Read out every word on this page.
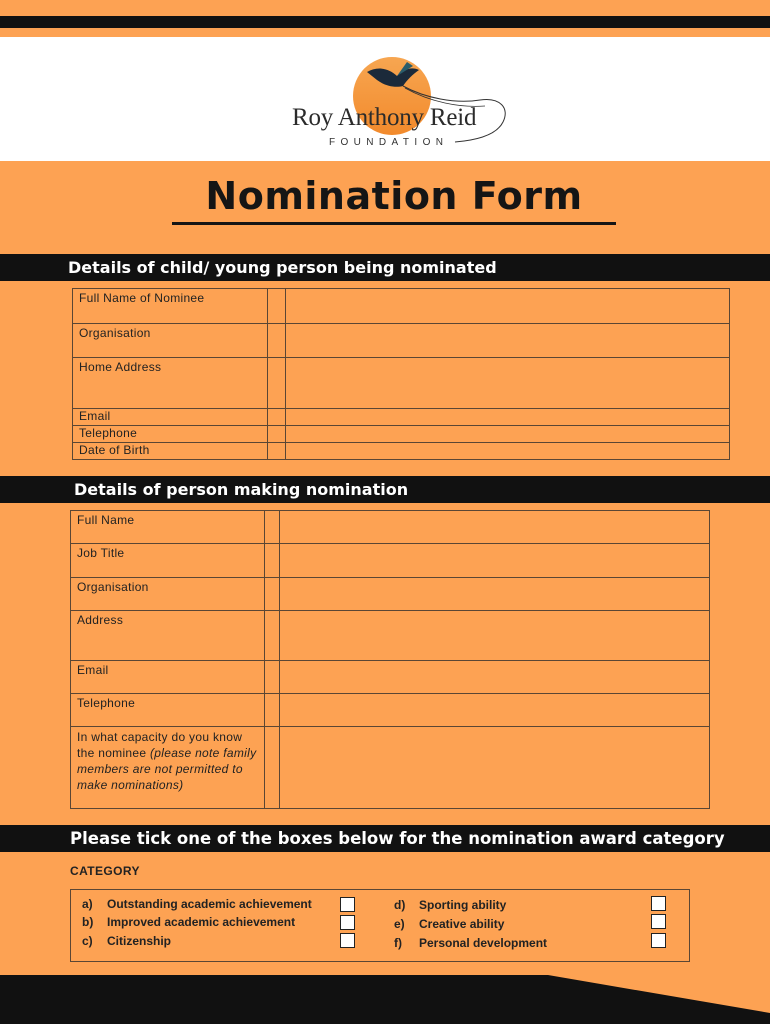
Roy Anthony Reid
FOUNDATION
Nomination Form
Details of child/ young person being nominated
Full Name of Nominee		
Organisation		
Home Address		
Email		
Telephone		
Date of Birth		
Details of person making nomination
Full Name		
Job Title		
Organisation		
Address		
Email		
Telephone		
In what capacity do you know the nominee (please note family members are not permitted to make nominations)		
Please tick one of the boxes below for the nomination award category
CATEGORY
a)	Outstanding academic achievement
b)	Improved academic achievement
c)	Citizenship
d)	Sporting ability
e)	Creative ability
f)	Personal development
